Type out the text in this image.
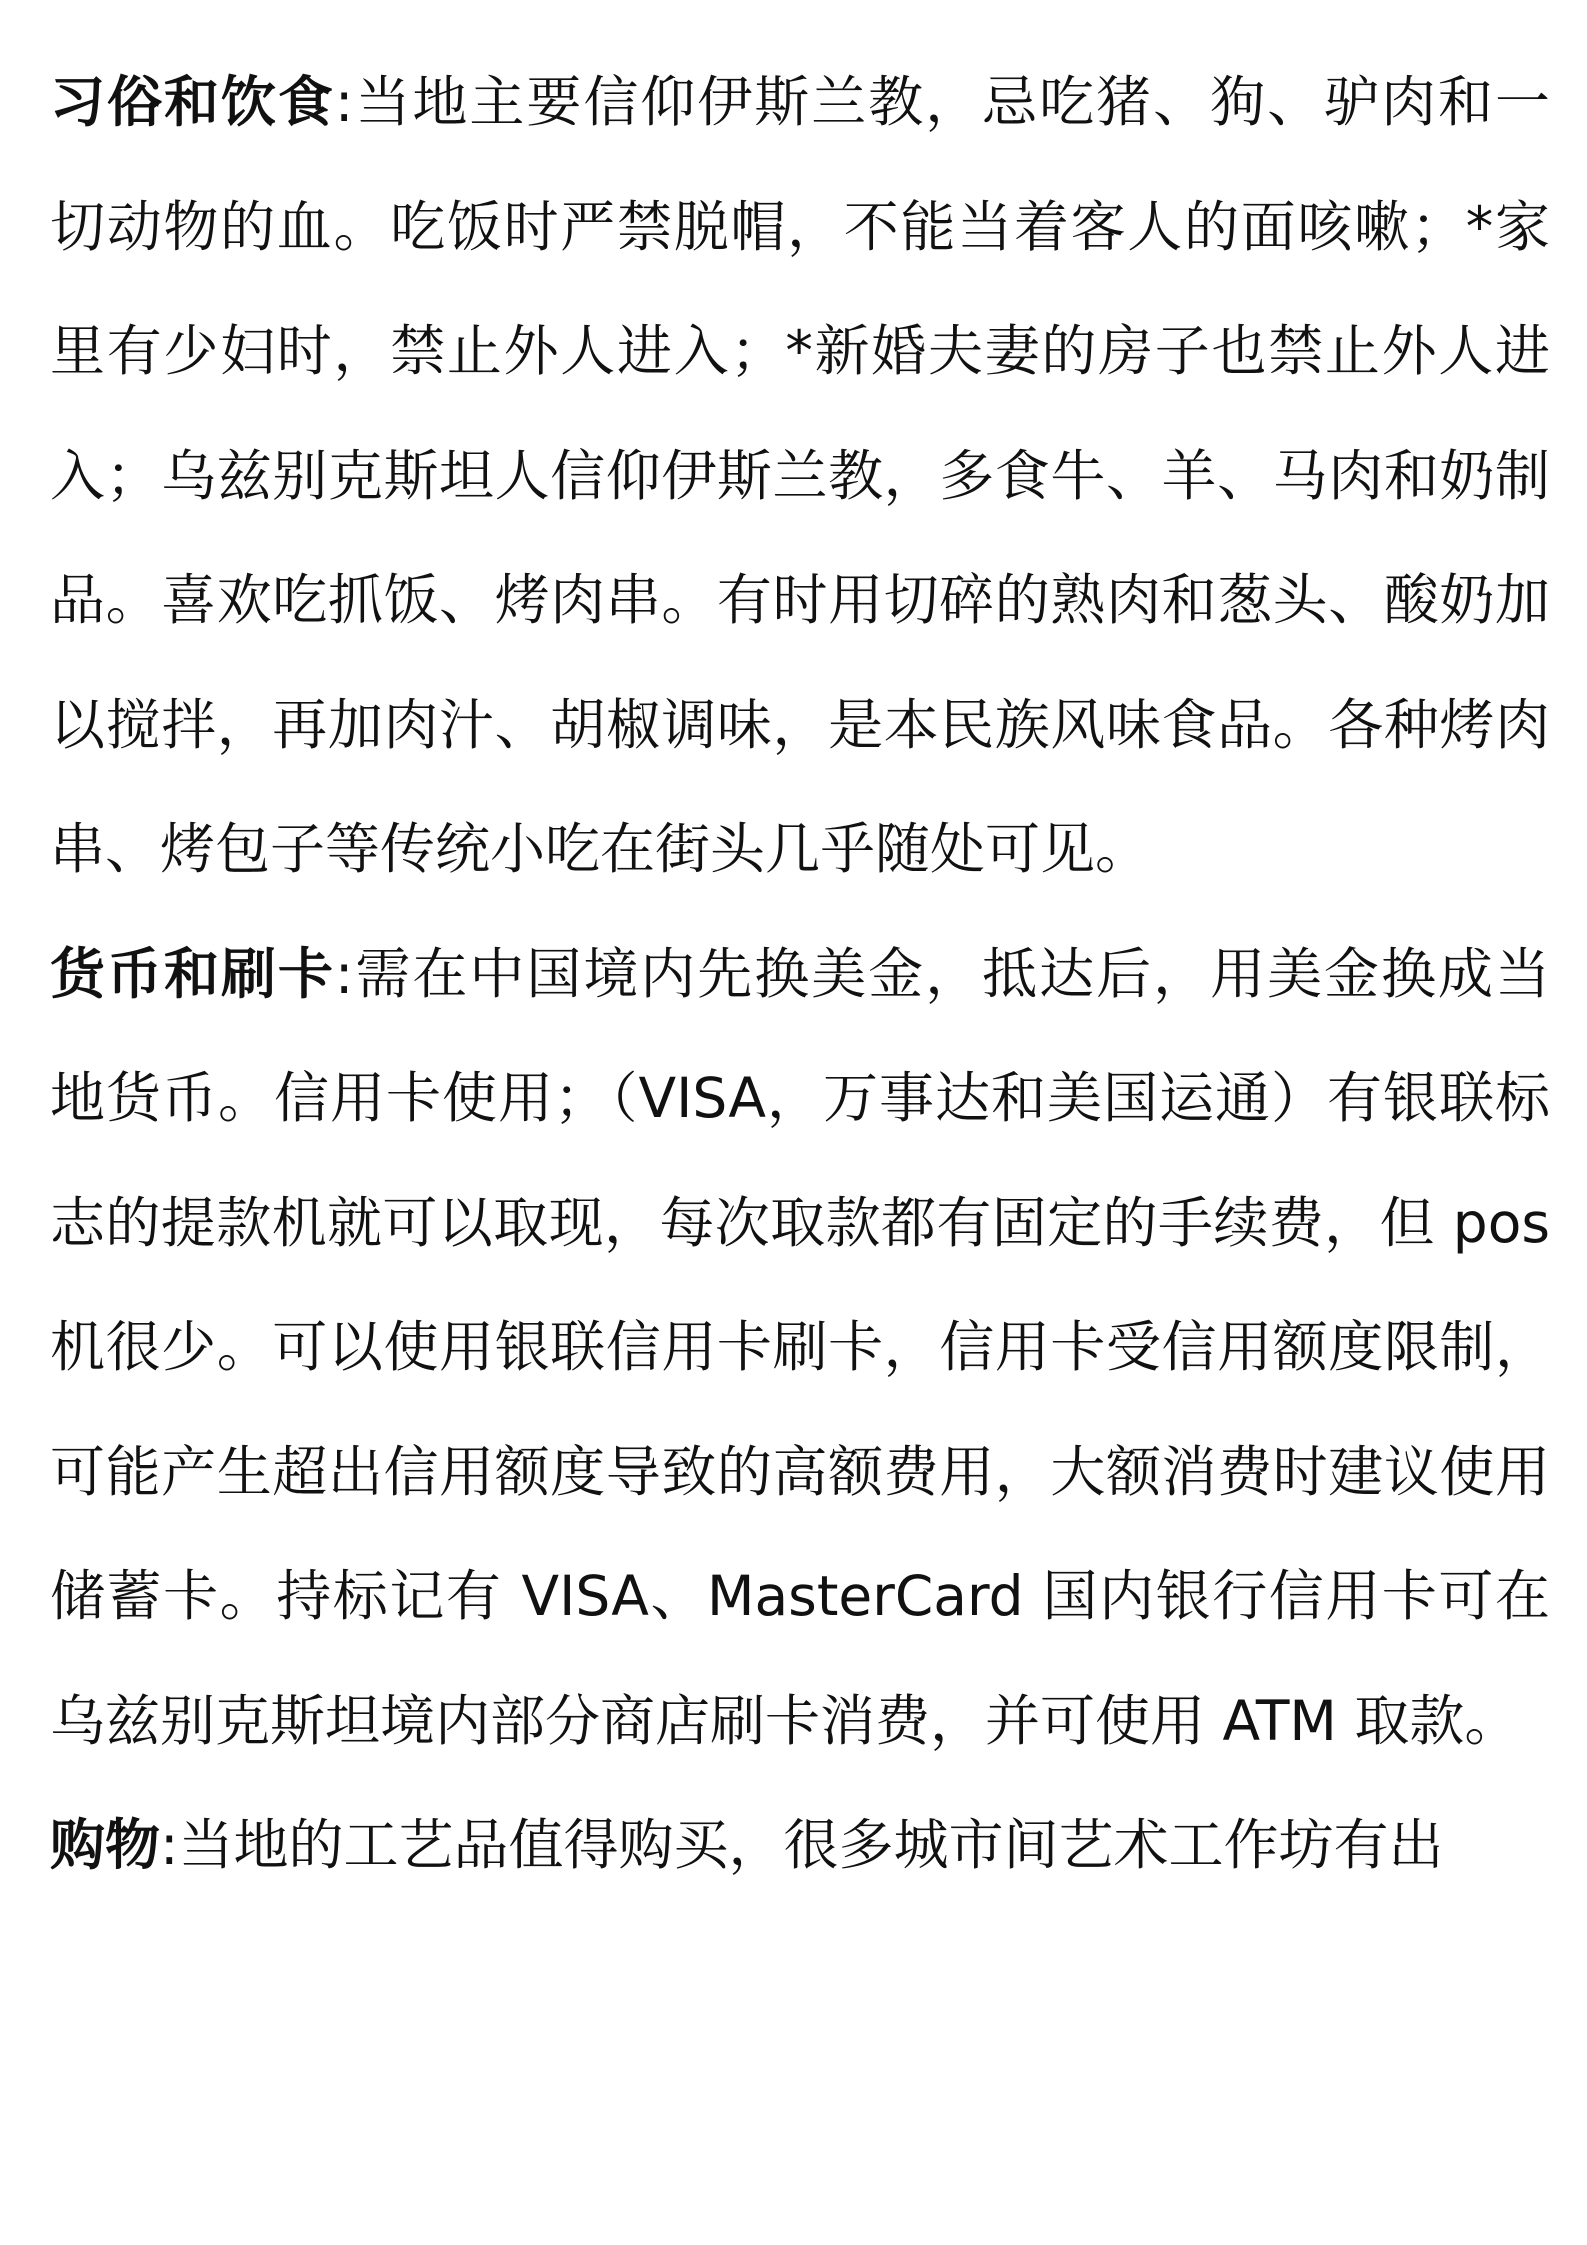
习俗和饮食:当地主要信仰伊斯兰教，忌吃猪、狗、驴肉和一切动物的血。吃饭时严禁脱帽，不能当着客人的面咳嗽；*家里有少妇时，禁止外人进入；*新婚夫妻的房子也禁止外人进入；乌兹别克斯坦人信仰伊斯兰教，多食牛、羊、马肉和奶制品。喜欢吃抓饭、烤肉串。有时用切碎的熟肉和葱头、酸奶加以搅拌，再加肉汁、胡椒调味，是本民族风味食品。各种烤肉串、烤包子等传统小吃在街头几乎随处可见。

货币和刷卡:需在中国境内先换美金，抵达后，用美金换成当地货币。信用卡使用；（VISA，万事达和美国运通）有银联标志的提款机就可以取现，每次取款都有固定的手续费，但 pos 机很少。可以使用银联信用卡刷卡，信用卡受信用额度限制，可能产生超出信用额度导致的高额费用，大额消费时建议使用储蓄卡。持标记有 VISA、MasterCard 国内银行信用卡可在乌兹别克斯坦境内部分商店刷卡消费，并可使用 ATM 取款。

购物:当地的工艺品值得购买，很多城市间艺术工作坊有出
